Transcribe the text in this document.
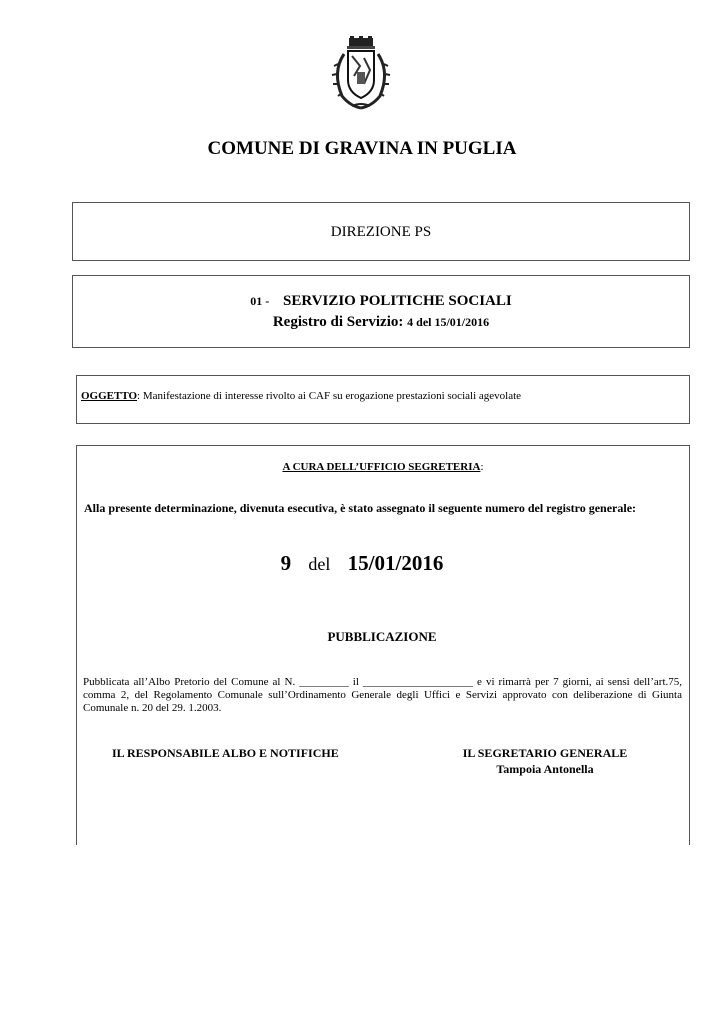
COMUNE DI GRAVINA IN PUGLIA
DIREZIONE PS
01 - SERVIZIO POLITICHE SOCIALI
Registro di Servizio: 4 del 15/01/2016
OGGETTO: Manifestazione di interesse rivolto ai CAF su erogazione prestazioni sociali agevolate
A CURA DELL’UFFICIO SEGRETERIA:
Alla presente determinazione, divenuta esecutiva, è stato assegnato il seguente numero del registro generale:
9 del 15/01/2016
PUBBLICAZIONE
Pubblicata all’Albo Pretorio del Comune al N. _________ il ____________________ e vi rimarrà per 7 giorni, ai sensi dell’art.75, comma 2, del Regolamento Comunale sull’Ordinamento Generale degli Uffici e Servizi approvato con deliberazione di Giunta Comunale n. 20 del 29. 1.2003.
IL RESPONSABILE ALBO E NOTIFICHE	IL SEGRETARIO GENERALE
Tampoia Antonella
